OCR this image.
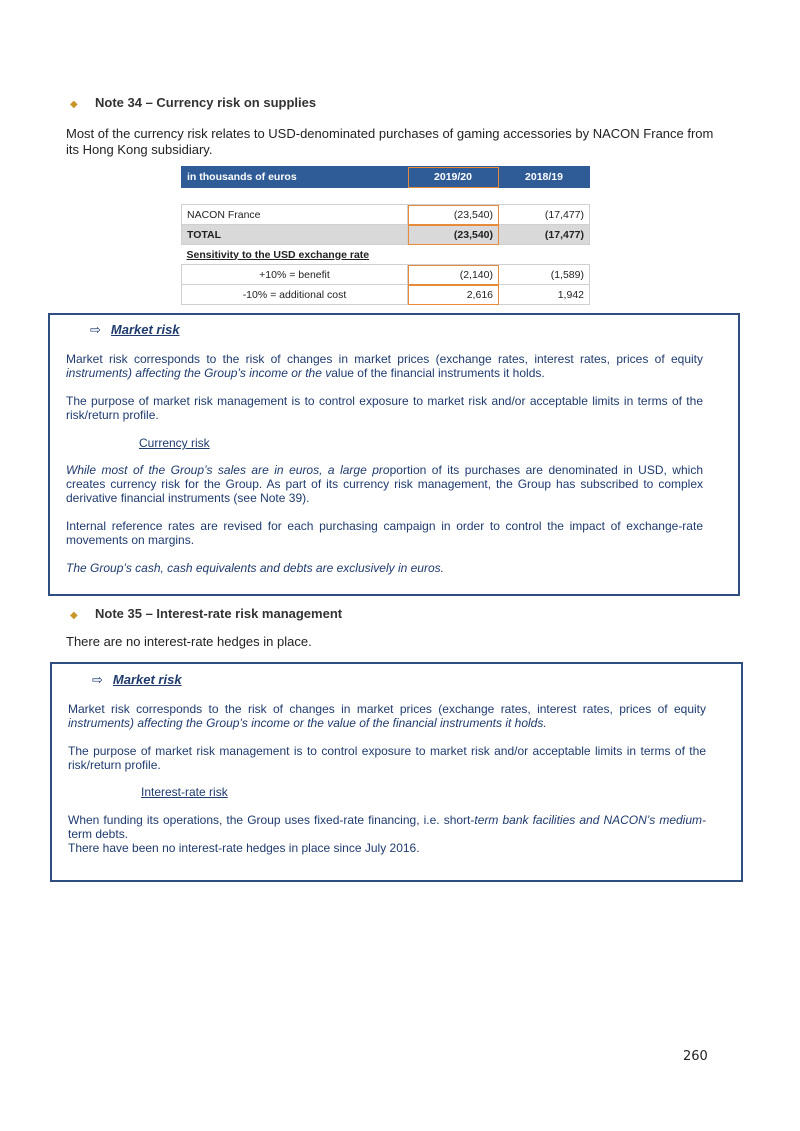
◆ Note 34 – Currency risk on supplies
Most of the currency risk relates to USD-denominated purchases of gaming accessories by NACON France from its Hong Kong subsidiary.
in thousands of euros	2019/20	2018/19

NACON France	(23,540)	(17,477)
TOTAL	(23,540)	(17,477)
Sensitivity to the USD exchange rate		
+10% = benefit	(2,140)	(1,589)
-10% = additional cost	2,616	1,942
⇨ Market risk
Market risk corresponds to the risk of changes in market prices (exchange rates, interest rates, prices of equity instruments) affecting the Group’s income or the value of the financial instruments it holds.
The purpose of market risk management is to control exposure to market risk and/or acceptable limits in terms of the risk/return profile.
Currency risk
While most of the Group’s sales are in euros, a large proportion of its purchases are denominated in USD, which creates currency risk for the Group. As part of its currency risk management, the Group has subscribed to complex derivative financial instruments (see Note 39).
Internal reference rates are revised for each purchasing campaign in order to control the impact of exchange-rate movements on margins.
The Group’s cash, cash equivalents and debts are exclusively in euros.
◆ Note 35 – Interest-rate risk management
There are no interest-rate hedges in place.
⇨ Market risk
Market risk corresponds to the risk of changes in market prices (exchange rates, interest rates, prices of equity instruments) affecting the Group’s income or the value of the financial instruments it holds.
The purpose of market risk management is to control exposure to market risk and/or acceptable limits in terms of the risk/return profile.
Interest-rate risk
When funding its operations, the Group uses fixed-rate financing, i.e. short-term bank facilities and NACON’s medium- term debts.
There have been no interest-rate hedges in place since July 2016.
260
